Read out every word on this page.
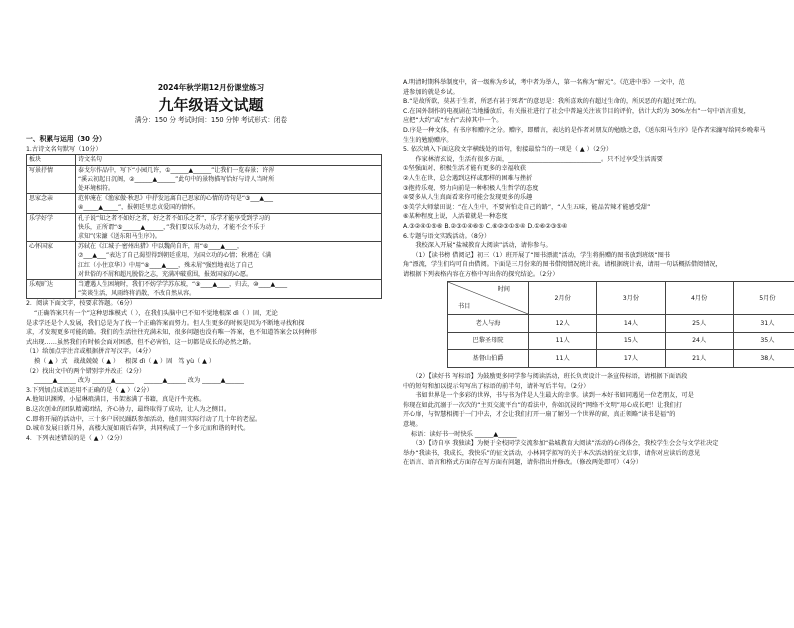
2024年秋学期12月份课堂练习
九年级语文试题
满分：150 分 考试时间：150 分钟 考试形式：闭卷
一、积累与运用（30 分）
1.古诗文名句默写（10分）
板块	诗文名句
写景抒情	泰戈尔作品中，写下“小园几许，①______▲______”让我们一览春景；许浑
“溪云初起日沉阁，②______▲______”此句中的景物描写恰好与诗人当时所
处环境相符。

思家念亲	范仲淹在《渔家傲·秋思》中抒发远离自己思家的心情的诗句是“③___▲___
④_____▲_____”，报朝廷里忠贞爱国的情怀。

乐学好学	孔子说“知之者不如好之者，好之者不如乐之者”，乐学才能享受到学习的
快乐，正所谓“⑤______▲______，”我们要以乐为动力，才能不会不乐于
求知”(宋濂《送东阳马生序》)。

心怀国家	苏轼在《江城子·密州出猎》中以魏尚自许，用“⑥____▲____，
⑦___▲___”表达了自己渴望得到朝廷重用，为国立功的心情；秋瑾在《满
江红（小住京华）》中用“⑧____▲____，殊未屑”强烈地表达了自己
对世俗的不屑和超凡脱俗之志，充满冲破重围，报效国家的心愿。

乐观旷达	当遭遇人生困境时，我们不妨学学苏东坡，“⑨____▲____，归去，⑩____▲____
”笑谈生活，风雨终将消散，不改自然从容。
2．阅读下面文字，按要求答题。（6分）
“正确答案只有一个”这种思维模式（ ），在我们头脑中已不知不觉地根深 dì（ ）固，无论
是求学还是个人发展，我们总是为了找一个正确答案而努力。但人生更多的时候是因为不断地寻找和探
求，才发现更多可能的路。我们的生活往往充满未知，很多问题也没有唯一答案，也不知道答案会以何种形
式出现……虽然我们有时候会面对困惑，但不必害怕，这一切都是成长的必然之路。
（1）给加点字注音或根据拼音写汉字。（4分）
摸（ ▲ ）式 战战兢兢（ ▲ ） 根深 dì（ ▲ ）固 笃 yù（ ▲ ）
（2）找出文中的两个错别字并改正（2分）
______▲______ 改为 ______▲______ ______▲______ 改为 ______▲______
3.下列加点成语运用不正确的是（ ▲ ）（2分）
A.他知识渊博，小屋琳琅满目，书架塞满了书籍，真是汗牛充栋。
B.这次创业的团队精诚团结，齐心协力，最终取得了成功，让人为之侧目。
C.即将开展的活动中，三十多户居民踊跃参加活动，他们用实际行动了几十年的老屋。
D.城市发展日新月异，高楼大厦如雨后春笋，共同构成了一个多元而和谐的时代。
4．下列表述错误的是（ ▲ ）（2分）
A.明清时期科举制度中，省一级称为乡试，考中者为举人，第一名称为“解元”。《范进中举》一文中，范
进参加的就是乡试。
B.“是故所欲，莫甚于生者，所恶有甚于死者”的意思是：我所喜欢的有超过生命的，所厌恶的有超过死亡的。
C.在国外制作的电视剧在当地播放后，有关报社进行了社会中普遍关注该节目的评价，估计大约为 30%左右”一句中语言重复，
应把“大约”或“左右”去掉其中一个。
D.序是一种文体，有书序和赠序之分。赠序，即赠言，表达的是作者对朋友的勉励之意，《送东阳马生序》是作者宋濂写给同乡晚辈马
生生的勉励赠序。
5. 依次填入下面这段文字横线处的语句，衔接最恰当的一项是（ ▲ ）（2分）
　　作家林清玄说，生活有很多方面，______________________________。只不过享受生活需要
①坚强面对、积极生活才能有更多的幸福收获
②人生在世，总会遇到这样或那样的困难与挫折
③抱持乐观、努力向前是一种积极人生哲学的态度
④要多从人生真面看来你可能会发现更多的乐趣
⑤美学大师蒙田说：“在人生中，不要害怕走自己的路”，“人生五味，能品苦辣才能感受甜”
⑥某种程度上说，人活着就是一种态度
A.③②④①⑤⑥ B.②③①④⑥⑤ C.⑥②③①⑤④ D.①⑥②③⑤④
6.专题与语文实践活动。（8分）
　　我校深入开展“盐城教育大阅读”活动，请你参与。
　　（1）【读书榜 借阅记】初三（1）班开展了“图书漂流”活动，学生将捐赠的图书放到班级“图书
角”漂流，学生们均可自由借阅。下面是三月份来的图书借阅情况统计表。请根据统计表，请用一句话概括借阅情况，
请根据下列表格内容在方格中写出你的探究结论。（2分）
时间
书目	2月份	3月份	4月份	5月份
老人与海	12人	14人	25人	31人
巴黎圣母院	11人	15人	24人	35人
基督山伯爵	11人	17人	21人	38人
　　（2）【读好书 写标语】为鼓励更多同学参与阅读活动，班长负责设计一条宣传标语，请根据下面语段
中的短句和加以提示句写出了标语的前半句，请补写后半句。（2分）
　　书如世界是一个多彩的世界，书与书为伴是人生最大的幸事。读到一本好书如同遇见一位老朋友，可是
你现在如此沉溺于一次次的“主页交流平台”的看法中，你如沉浸的“网络不文明”用心成长吧！让我们打
开心扉，与智慧相拥于一门中去，才会让我们打开一扇了解另一个世界的窗，真正领略“读书是福”的
意境。
标语：读好书一时快乐 ______▲______
　　（3）【诗自享 我独读】为便于全校同学交流参加“盐城教育大阅读”活动的心得体会，我校学生会会与文学社决定
举办“我读书，我成长，我快乐”的征文活动，小林同学拟写的关于本次活动的征文启事，请你对应读后的意见
在语言、语言和格式方面存在写方面有问题，请你指出并修改。（修改两处即可）（4分）
